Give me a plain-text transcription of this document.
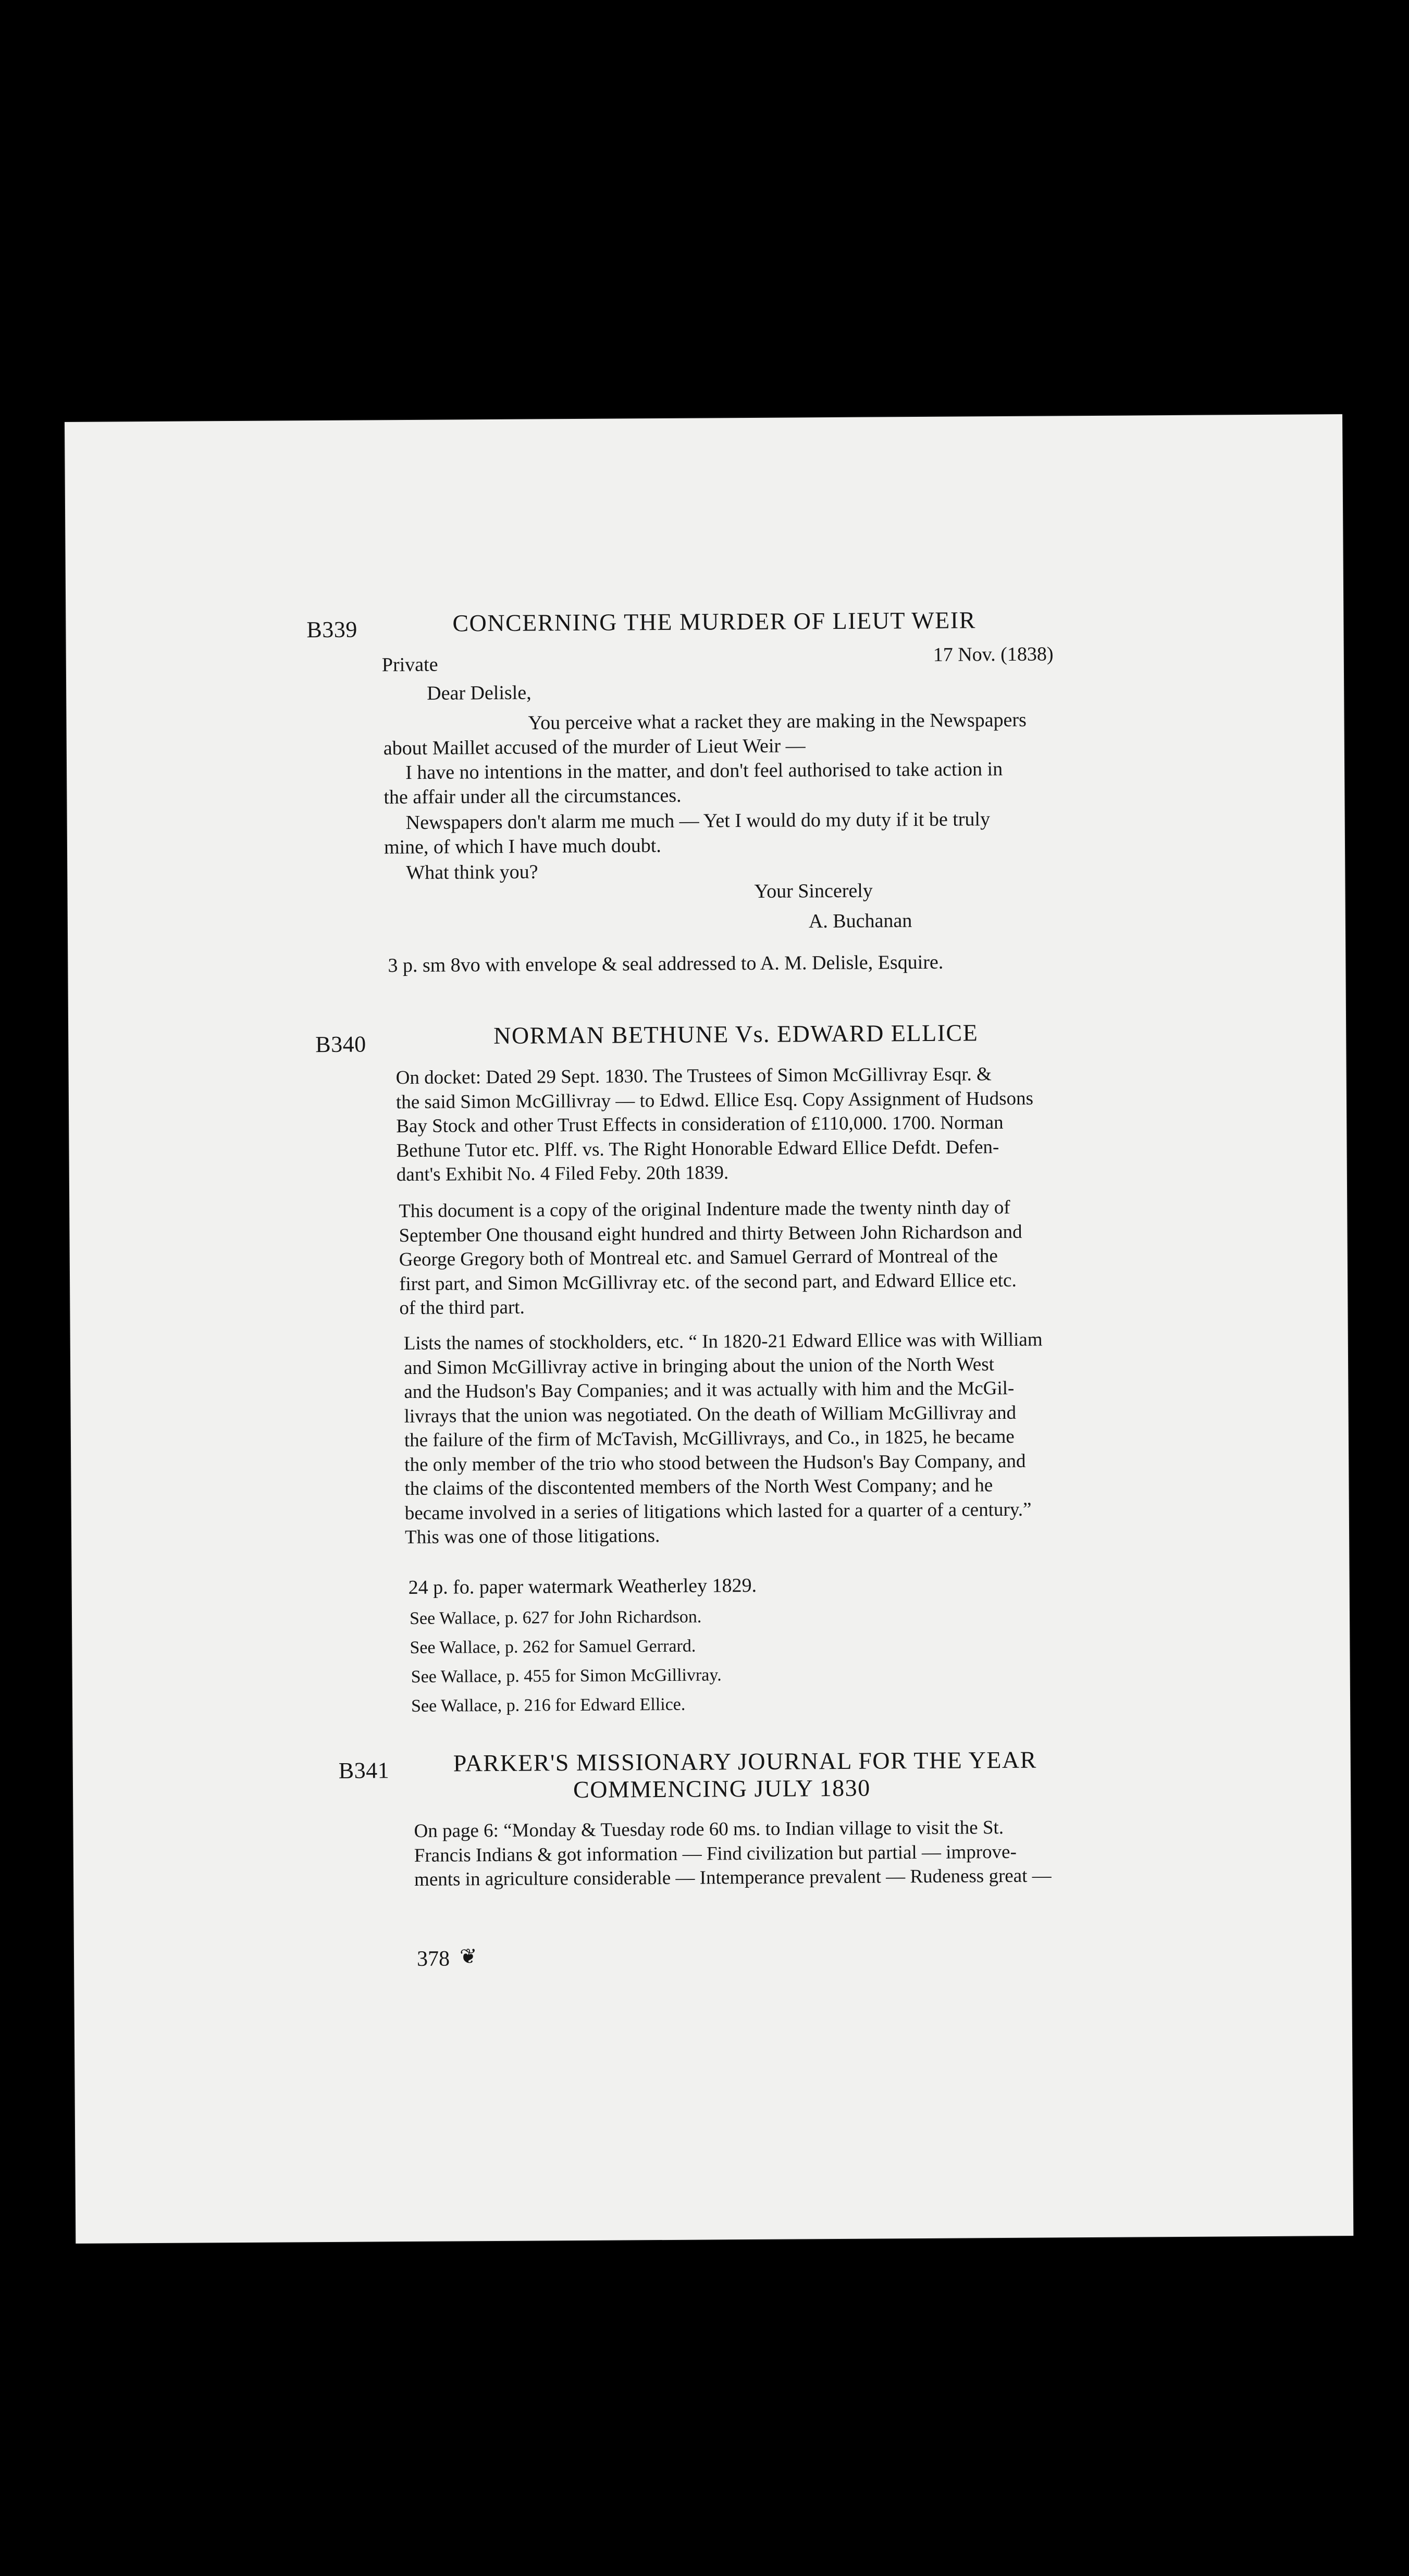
B339	CONCERNING THE MURDER OF LIEUT WEIR
Private	17 Nov. (1838)
Dear Delisle,
You perceive what a racket they are making in the Newspapers
about Maillet accused of the murder of Lieut Weir —
I have no intentions in the matter, and don't feel authorised to take action in
the affair under all the circumstances.
Newspapers don't alarm me much — Yet I would do my duty if it be truly
mine, of which I have much doubt.
What think you?
Your Sincerely
A. Buchanan
3 p. sm 8vo with envelope & seal addressed to A. M. Delisle, Esquire.
B340	NORMAN BETHUNE Vs. EDWARD ELLICE
On docket: Dated 29 Sept. 1830. The Trustees of Simon McGillivray Esqr. &
the said Simon McGillivray — to Edwd. Ellice Esq. Copy Assignment of Hudsons
Bay Stock and other Trust Effects in consideration of £110,000. 1700. Norman
Bethune Tutor etc. Plff. vs. The Right Honorable Edward Ellice Defdt. Defen-
dant's Exhibit No. 4 Filed Feby. 20th 1839.
This document is a copy of the original Indenture made the twenty ninth day of
September One thousand eight hundred and thirty Between John Richardson and
George Gregory both of Montreal etc. and Samuel Gerrard of Montreal of the
first part, and Simon McGillivray etc. of the second part, and Edward Ellice etc.
of the third part.
Lists the names of stockholders, etc. “ In 1820-21 Edward Ellice was with William
and Simon McGillivray active in bringing about the union of the North West
and the Hudson's Bay Companies; and it was actually with him and the McGil-
livrays that the union was negotiated. On the death of William McGillivray and
the failure of the firm of McTavish, McGillivrays, and Co., in 1825, he became
the only member of the trio who stood between the Hudson's Bay Company, and
the claims of the discontented members of the North West Company; and he
became involved in a series of litigations which lasted for a quarter of a century.”
This was one of those litigations.
24 p. fo. paper watermark Weatherley 1829.
See Wallace, p. 627 for John Richardson.
See Wallace, p. 262 for Samuel Gerrard.
See Wallace, p. 455 for Simon McGillivray.
See Wallace, p. 216 for Edward Ellice.
B341	PARKER'S MISSIONARY JOURNAL FOR THE YEAR
COMMENCING JULY 1830
On page 6: “Monday & Tuesday rode 60 ms. to Indian village to visit the St.
Francis Indians & got information — Find civilization but partial — improve-
ments in agriculture considerable — Intemperance prevalent — Rudeness great —
378 ❦
